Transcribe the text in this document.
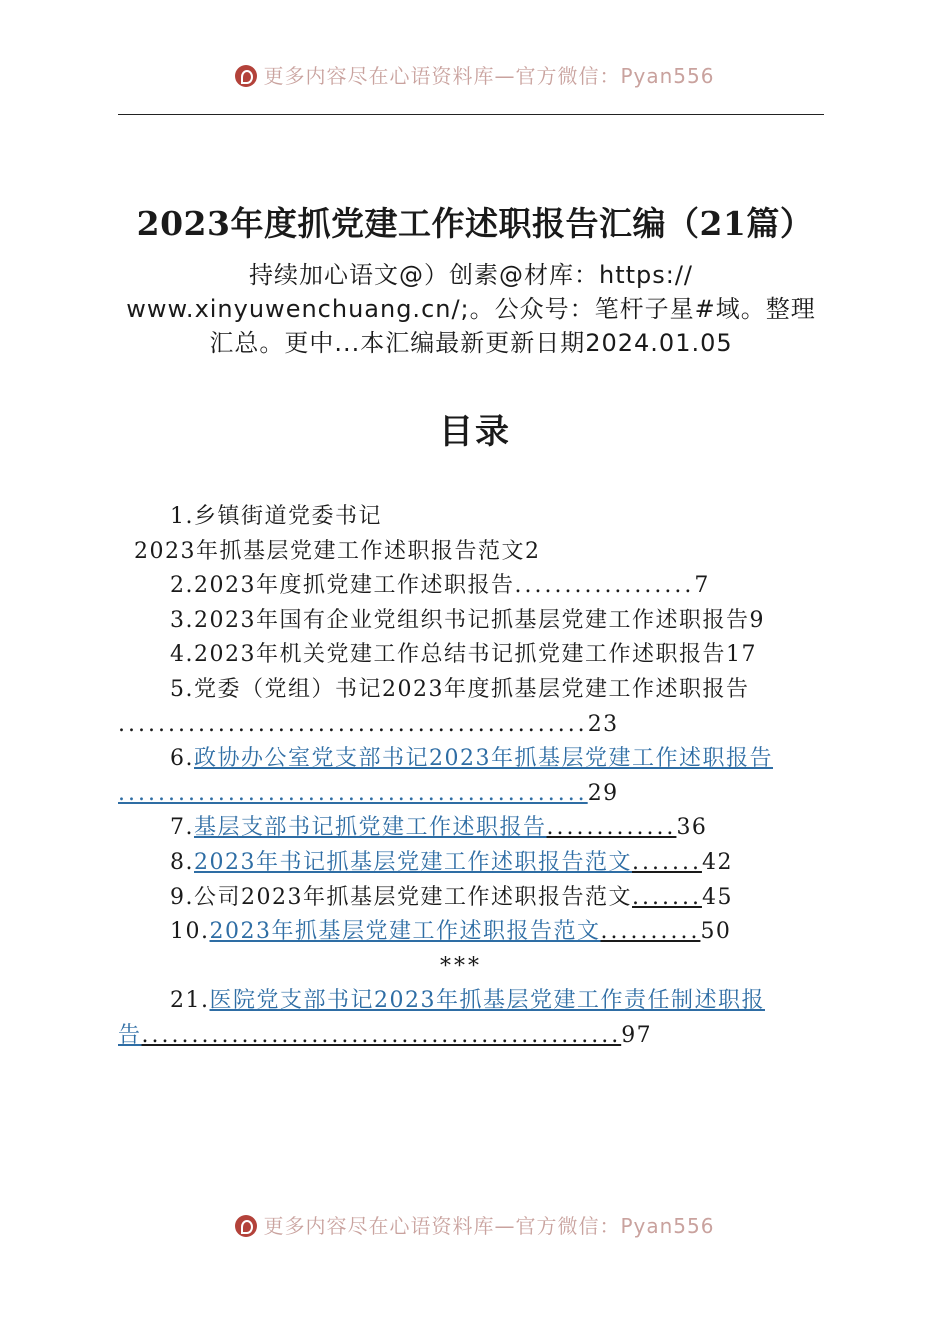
更多内容尽在心语资料库—官方微信：Pyan556
2023年度抓党建工作述职报告汇编（21篇）
持续加心语文@）创素@材库：https://
www.xinyuwenchuang.cn/;。公众号：笔杆子星#域。整理
汇总。更中...本汇编最新更新日期2024.01.05
目录
1.乡镇街道党委书记
2023年抓基层党建工作述职报告范文2
2.2023年度抓党建工作述职报告..................7
3.2023年国有企业党组织书记抓基层党建工作述职报告9
4.2023年机关党建工作总结书记抓党建工作述职报告17
5.党委（党组）书记2023年度抓基层党建工作述职报告
...............................................23
6.政协办公室党支部书记2023年抓基层党建工作述职报告
...............................................29
7.基层支部书记抓党建工作述职报告.............36
8.2023年书记抓基层党建工作述职报告范文.......42
9.公司2023年抓基层党建工作述职报告范文.......45
10.2023年抓基层党建工作述职报告范文..........50
***
21.医院党支部书记2023年抓基层党建工作责任制述职报
告................................................97
更多内容尽在心语资料库—官方微信：Pyan556
